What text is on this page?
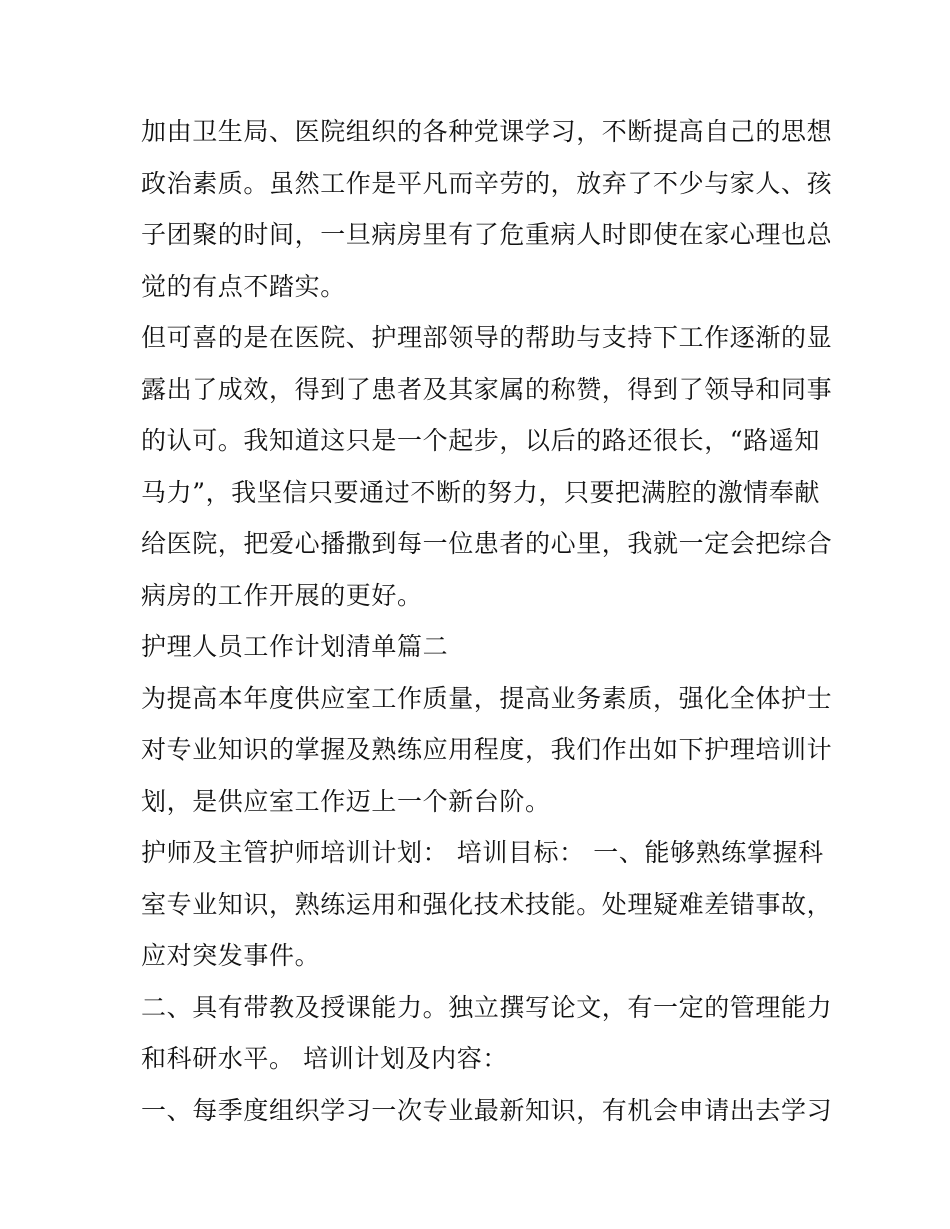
加由卫生局、医院组织的各种党课学习，不断提高自己的思想
政治素质。虽然工作是平凡而辛劳的，放弃了不少与家人、孩
子团聚的时间，一旦病房里有了危重病人时即使在家心理也总
觉的有点不踏实。
但可喜的是在医院、护理部领导的帮助与支持下工作逐渐的显
露出了成效，得到了患者及其家属的称赞，得到了领导和同事
的认可。我知道这只是一个起步，以后的路还很长，“路遥知
马力”，我坚信只要通过不断的努力，只要把满腔的激情奉献
给医院，把爱心播撒到每一位患者的心里，我就一定会把综合
病房的工作开展的更好。
护理人员工作计划清单篇二
为提高本年度供应室工作质量，提高业务素质，强化全体护士
对专业知识的掌握及熟练应用程度，我们作出如下护理培训计
划，是供应室工作迈上一个新台阶。
护师及主管护师培训计划： 培训目标： 一、能够熟练掌握科
室专业知识，熟练运用和强化技术技能。处理疑难差错事故，
应对突发事件。
二、具有带教及授课能力。独立撰写论文，有一定的管理能力
和科研水平。 培训计划及内容：
一、每季度组织学习一次专业最新知识，有机会申请出去学习
